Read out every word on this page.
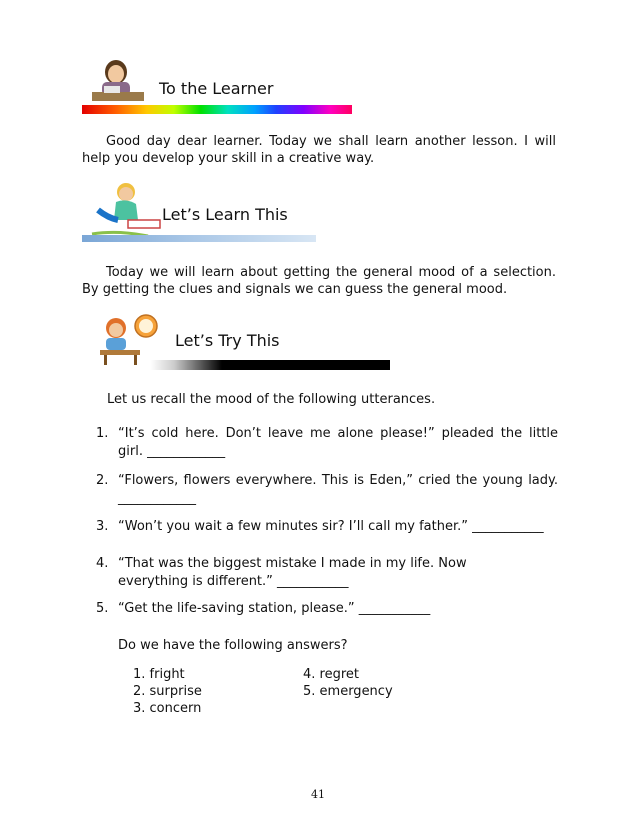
To the Learner
Good day dear learner. Today we shall learn another lesson. I will help you develop your skill in a creative way.
Let’s Learn This
Today we will learn about getting the general mood of a selection. By getting the clues and signals we can guess the general mood.
Let’s Try This
Let us recall the mood of the following utterances.
1. “It’s cold here. Don’t leave me alone please!” pleaded the little girl. ____________
2. “Flowers, flowers everywhere. This is Eden,” cried the young lady. ____________
3. “Won’t you wait a few minutes sir? I’ll call my father.” ___________
4. “That was the biggest mistake I made in my life. Now everything is different.” ___________
5. “Get the life-saving station, please.” ___________
Do we have the following answers?
1. fright
2. surprise
3. concern
4. regret
5. emergency
41
